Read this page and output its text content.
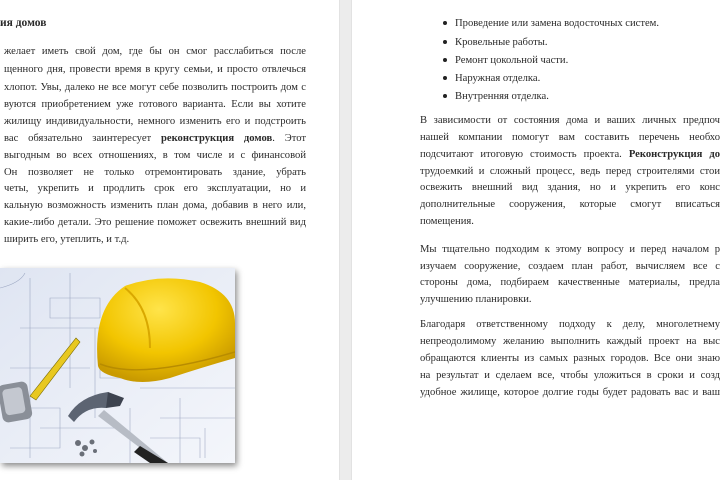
ия домов
желает иметь свой дом, где бы он смог расслабиться после
щенного дня, провести время в кругу семьи, и просто отвлечься
хлопот. Увы, далеко не все могут себе позволить построить дом с
вуются приобретением уже готового варианта. Если вы хотите
жилищу индивидуальности, немного изменить его и подстроить
вас обязательно заинтересует реконструкция домов. Этот
выгодным во всех отношениях, в том числе и с финансовой
Он позволяет не только отремонтировать здание, убрать
четы, укрепить и продлить срок его эксплуатации, но и
кальную возможность изменить план дома, добавив в него или,
какие-либо детали. Это решение поможет освежить внешний вид
ширить его, утеплить, и т.д.
Проведение или замена водосточных систем.
Кровельные работы.
Ремонт цокольной части.
Наружная отделка.
Внутренняя отделка.
В зависимости от состояния дома и ваших личных предпоч
нашей компании помогут вам составить перечень необхо
подсчитают итоговую стоимость проекта. Реконструкция до
трудоемкий и сложный процесс, ведь перед строителями стои
освежить внешний вид здания, но и укрепить его конс
дополнительные сооружения, которые смогут вписаться
помещения.
Мы тщательно подходим к этому вопросу и перед началом р
изучаем сооружение, создаем план работ, вычисляем все с
стороны дома, подбираем качественные материалы, предла
улучшению планировки.
Благодаря ответственному подходу к делу, многолетнему
непреодолимому желанию выполнить каждый проект на выс
обращаются клиенты из самых разных городов. Все они знаю
на результат и сделаем все, чтобы уложиться в сроки и созд
удобное жилище, которое долгие годы будет радовать вас и ваш
